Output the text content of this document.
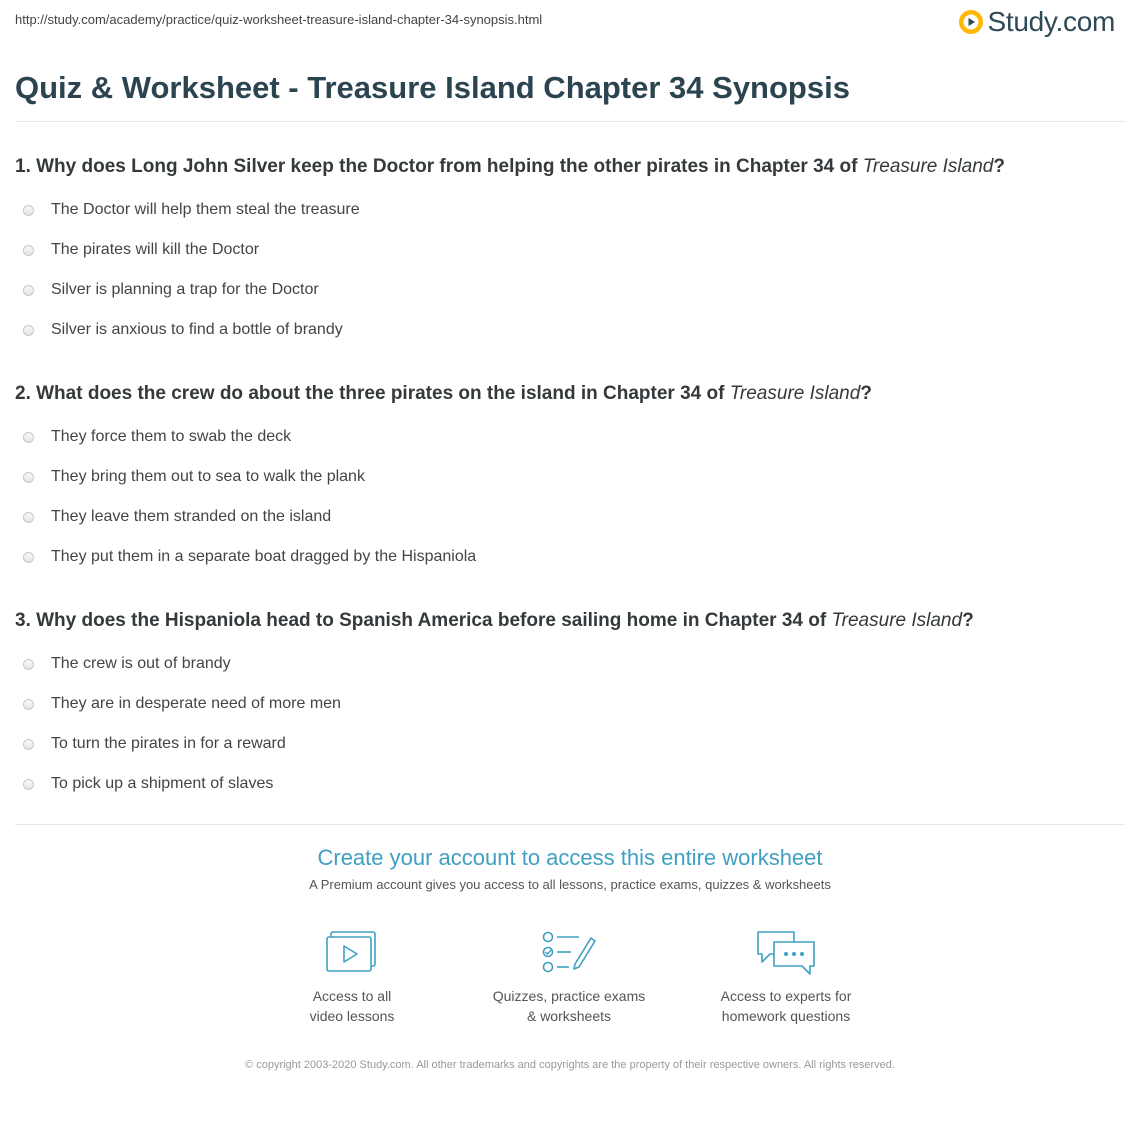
http://study.com/academy/practice/quiz-worksheet-treasure-island-chapter-34-synopsis.html	Study.com
Quiz & Worksheet - Treasure Island Chapter 34 Synopsis

1. Why does Long John Silver keep the Doctor from helping the other pirates in Chapter 34 of Treasure Island?

The Doctor will help them steal the treasure
The pirates will kill the Doctor
Silver is planning a trap for the Doctor
Silver is anxious to find a bottle of brandy

2. What does the crew do about the three pirates on the island in Chapter 34 of Treasure Island?

They force them to swab the deck
They bring them out to sea to walk the plank
They leave them stranded on the island
They put them in a separate boat dragged by the Hispaniola

3. Why does the Hispaniola head to Spanish America before sailing home in Chapter 34 of Treasure Island?

The crew is out of brandy
They are in desperate need of more men
To turn the pirates in for a reward
To pick up a shipment of slaves

Create your account to access this entire worksheet

A Premium account gives you access to all lessons, practice exams, quizzes & worksheets
Access to all
video lessons
Quizzes, practice exams
& worksheets
Access to experts for
homework questions
© copyright 2003-2020 Study.com. All other trademarks and copyrights are the property of their respective owners. All rights reserved.
